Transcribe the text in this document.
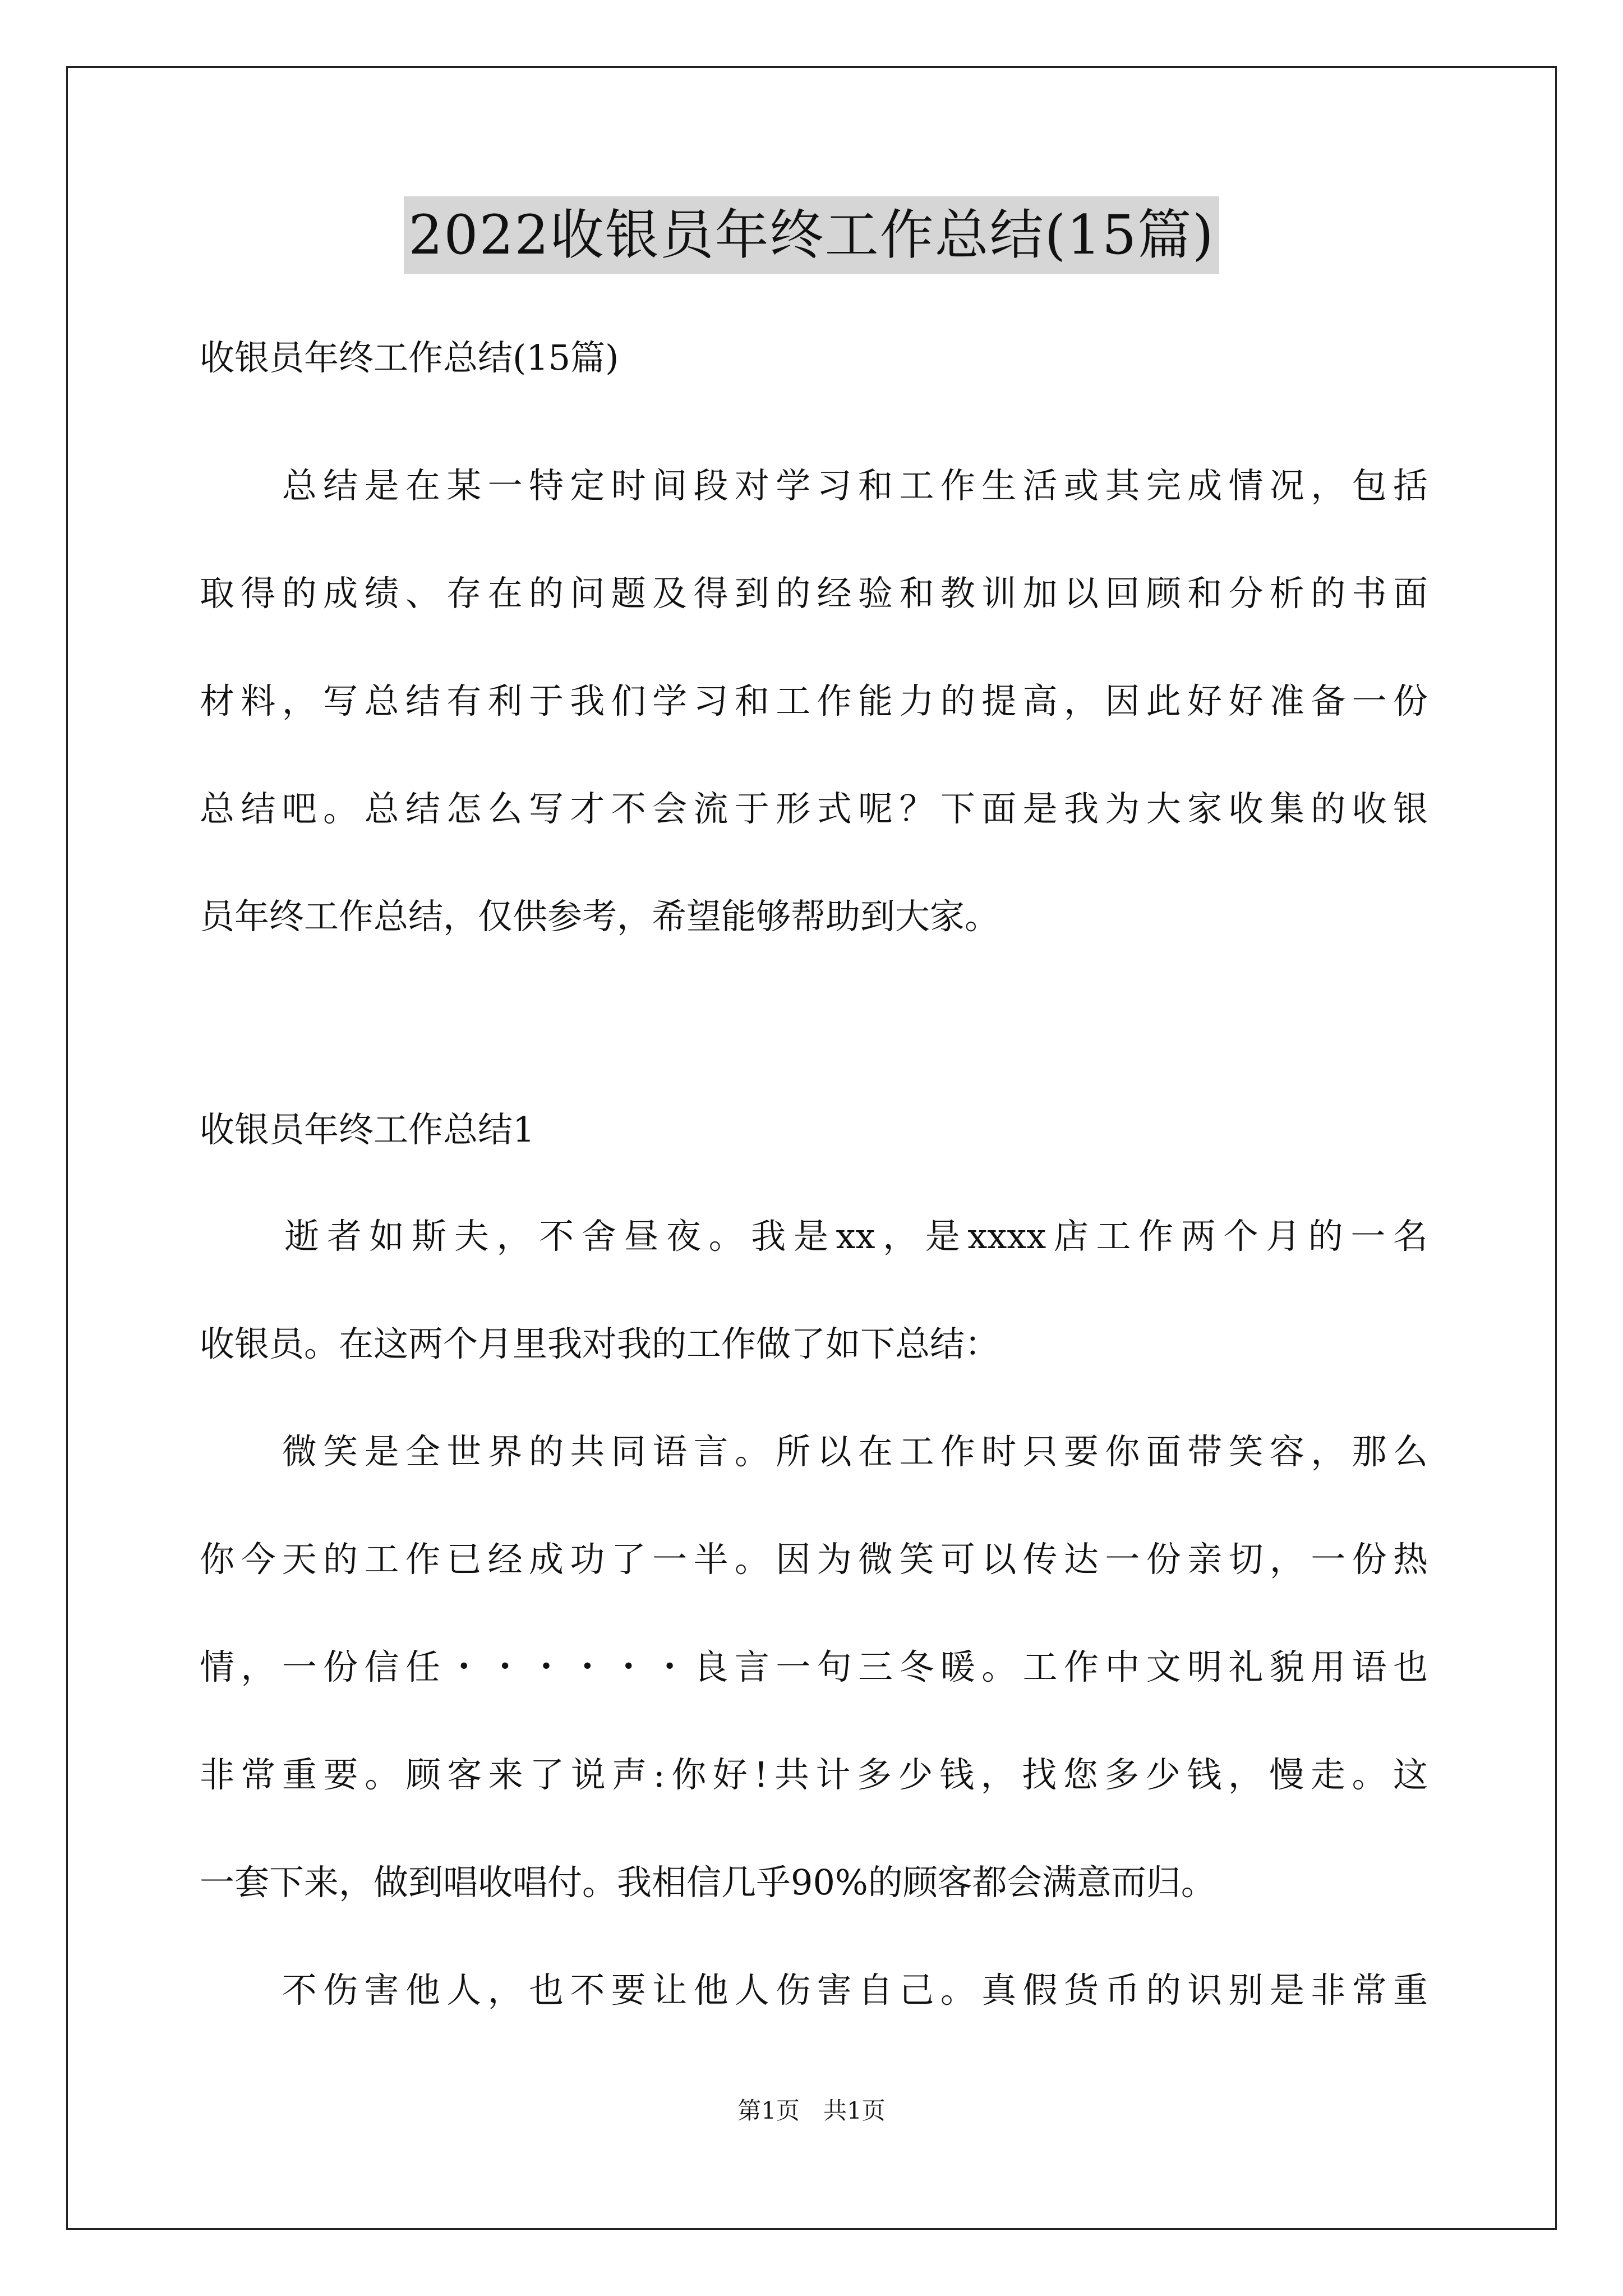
2022收银员年终工作总结(15篇)
收银员年终工作总结(15篇)
　　总结是在某一特定时间段对学习和工作生活或其完成情况，包括
取得的成绩、存在的问题及得到的经验和教训加以回顾和分析的书面
材料，写总结有利于我们学习和工作能力的提高，因此好好准备一份
总结吧。总结怎么写才不会流于形式呢？下面是我为大家收集的收银
员年终工作总结，仅供参考，希望能够帮助到大家。
收银员年终工作总结1
　　逝者如斯夫，不舍昼夜。我是xx，是xxxx店工作两个月的一名
收银员。在这两个月里我对我的工作做了如下总结：
　　微笑是全世界的共同语言。所以在工作时只要你面带笑容，那么
你今天的工作已经成功了一半。因为微笑可以传达一份亲切，一份热
情，一份信任・・・・・・良言一句三冬暖。工作中文明礼貌用语也
非常重要。顾客来了说声:你好!共计多少钱，找您多少钱，慢走。这
一套下来，做到唱收唱付。我相信几乎90%的顾客都会满意而归。
　　不伤害他人，也不要让他人伤害自己。真假货币的识别是非常重
第1页　共1页
